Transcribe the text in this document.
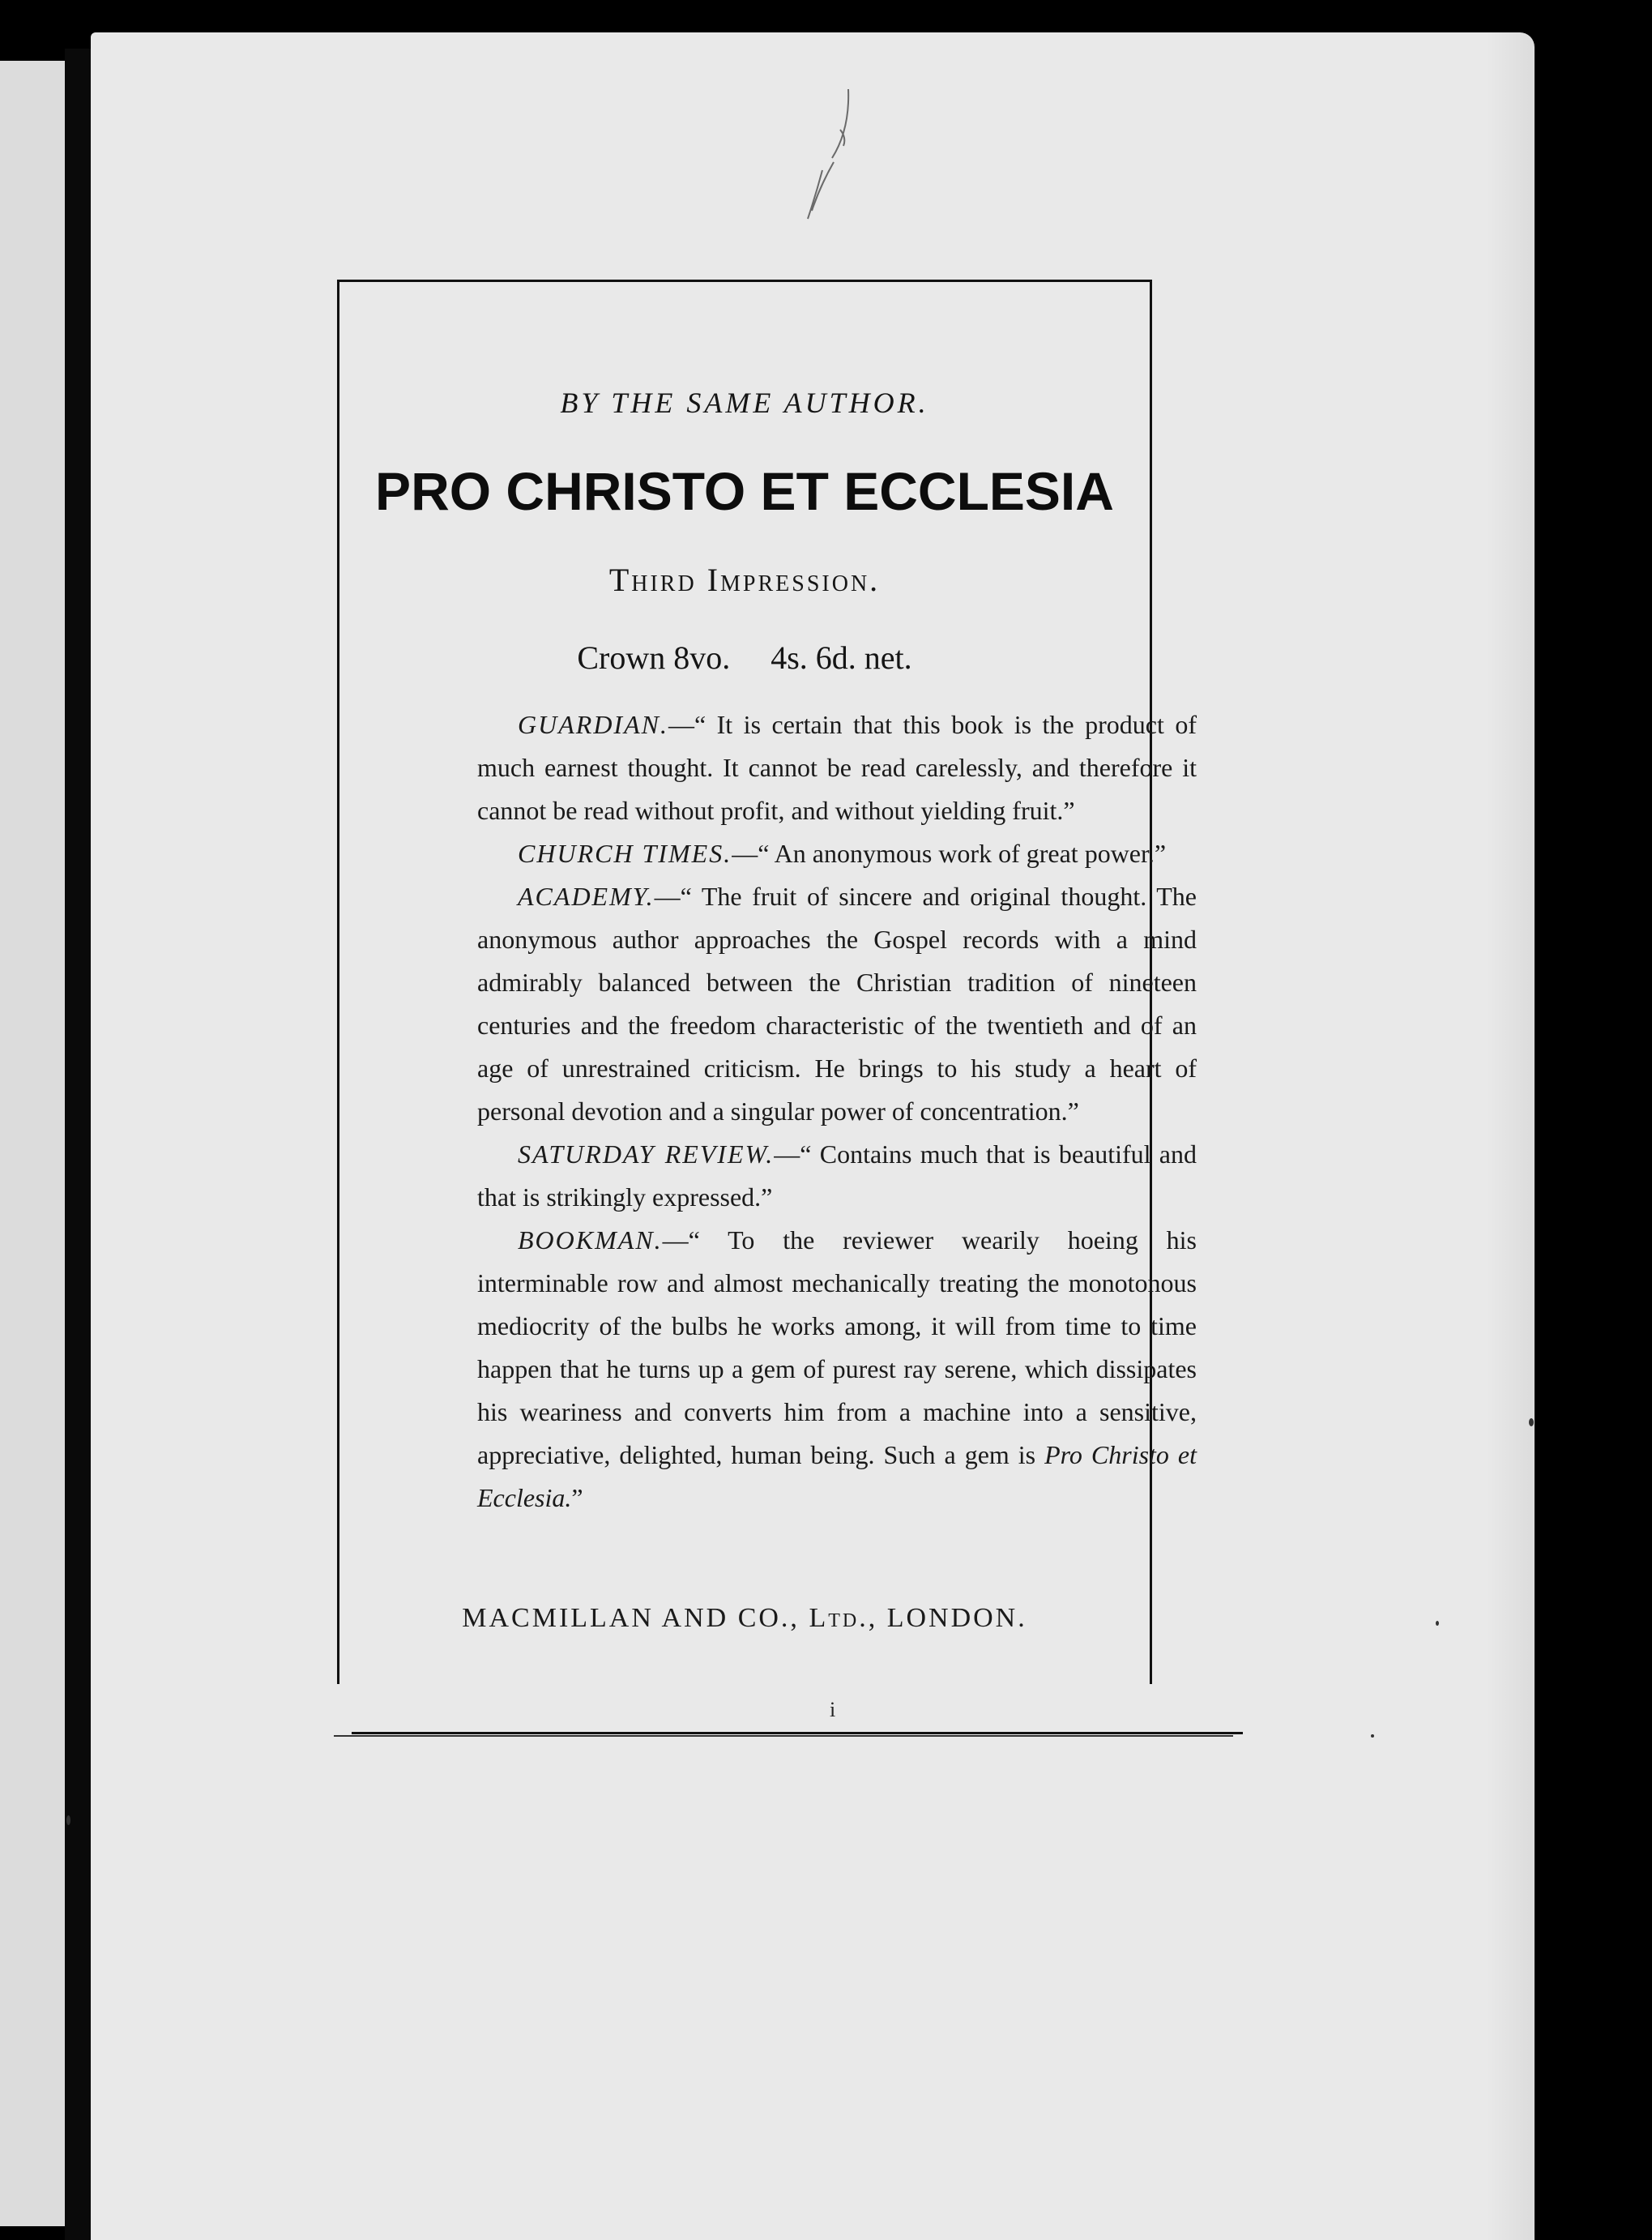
BY THE SAME AUTHOR.
PRO CHRISTO ET ECCLESIA
Third Impression.
Crown 8vo. 4s. 6d. net.

GUARDIAN.—“ It is certain that this book is the product of much earnest thought. It cannot be read carelessly, and therefore it cannot be read without profit, and without yielding fruit.”

CHURCH TIMES.—“ An anonymous work of great power.”

ACADEMY.—“ The fruit of sincere and original thought. The anonymous author approaches the Gospel records with a mind admirably balanced between the Christian tradition of nineteen centuries and the freedom characteristic of the twentieth and of an age of unrestrained criticism. He brings to his study a heart of personal devotion and a singular power of concentration.”

SATURDAY REVIEW.—“ Contains much that is beautiful and that is strikingly expressed.”

BOOKMAN.—“ To the reviewer wearily hoeing his interminable row and almost mechanically treating the monotonous mediocrity of the bulbs he works among, it will from time to time happen that he turns up a gem of purest ray serene, which dissipates his weariness and converts him from a machine into a sensitive, appreciative, delighted, human being. Such a gem is Pro Christo et Ecclesia.”

MACMILLAN AND CO., Ltd., LONDON.
i
